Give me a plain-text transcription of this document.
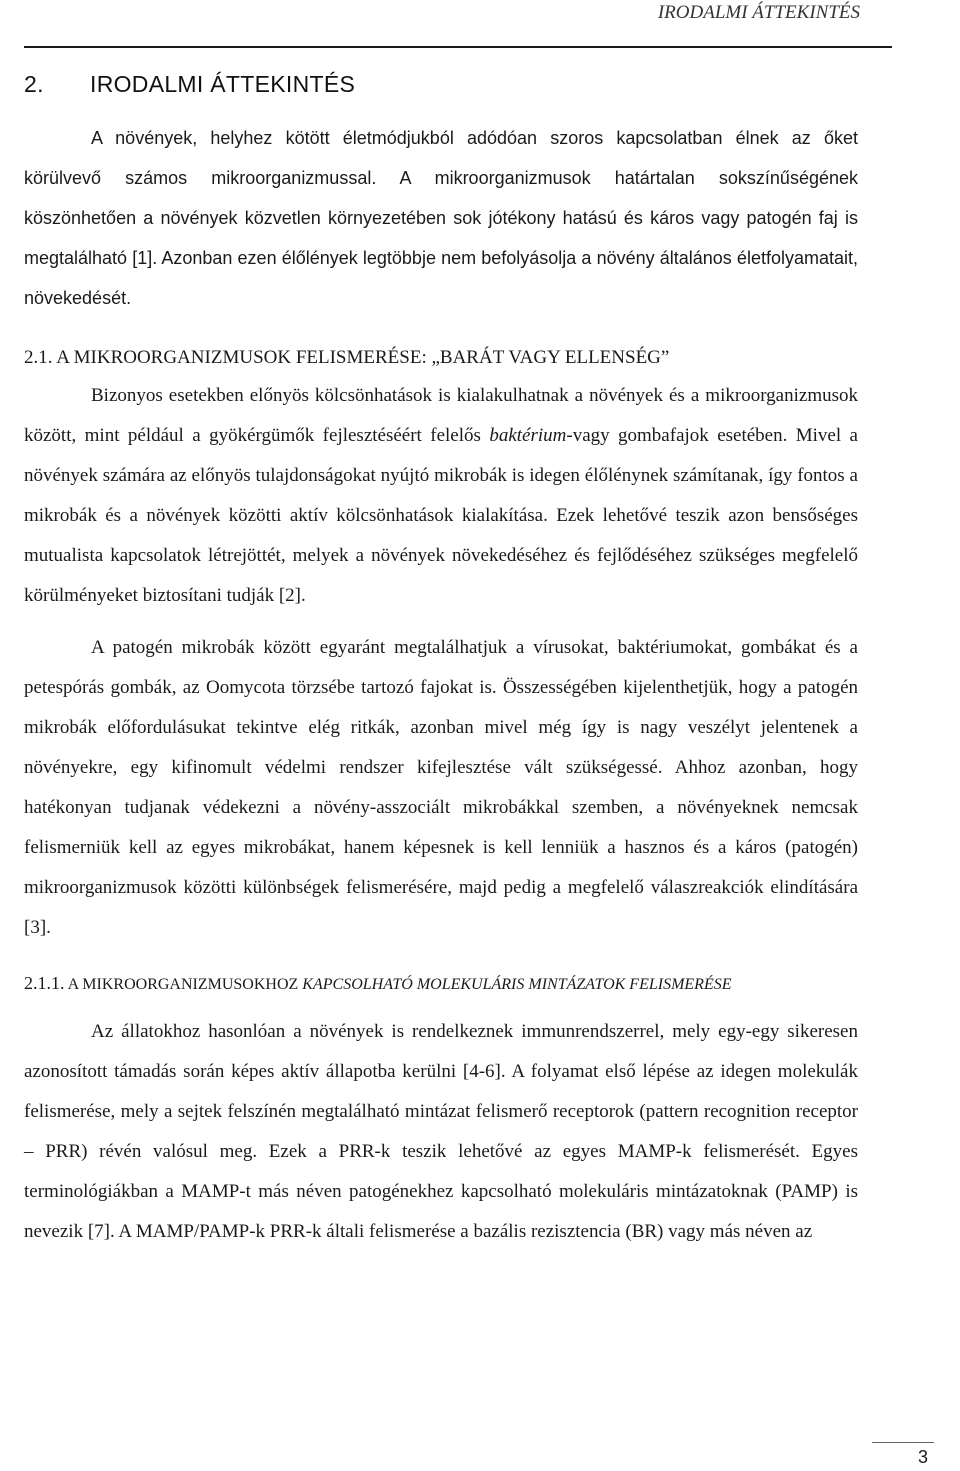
IRODALMI ÁTTEKINTÉS
2. IRODALMI ÁTTEKINTÉS

A növények, helyhez kötött életmódjukból adódóan szoros kapcsolatban élnek az őket körülvevő számos mikroorganizmussal. A mikroorganizmusok határtalan sokszínűségének köszönhetően a növények közvetlen környezetében sok jótékony hatású és káros vagy patogén faj is megtalálható [1]. Azonban ezen élőlények legtöbbje nem befolyásolja a növény általános életfolyamatait, növekedését.

2.1. A MIKROORGANIZMUSOK FELISMERÉSE: „BARÁT VAGY ELLENSÉG”

Bizonyos esetekben előnyös kölcsönhatások is kialakulhatnak a növények és a mikroorganizmusok között, mint például a gyökérgümők fejlesztéséért felelős baktérium-vagy gombafajok esetében. Mivel a növények számára az előnyös tulajdonságokat nyújtó mikrobák is idegen élőlénynek számítanak, így fontos a mikrobák és a növények közötti aktív kölcsönhatások kialakítása. Ezek lehetővé teszik azon bensőséges mutualista kapcsolatok létrejöttét, melyek a növények növekedéséhez és fejlődéséhez szükséges megfelelő körülményeket biztosítani tudják [2].

A patogén mikrobák között egyaránt megtalálhatjuk a vírusokat, baktériumokat, gombákat és a petespórás gombák, az Oomycota törzsébe tartozó fajokat is. Összességében kijelenthetjük, hogy a patogén mikrobák előfordulásukat tekintve elég ritkák, azonban mivel még így is nagy veszélyt jelentenek a növényekre, egy kifinomult védelmi rendszer kifejlesztése vált szükségessé. Ahhoz azonban, hogy hatékonyan tudjanak védekezni a növény-asszociált mikrobákkal szemben, a növényeknek nemcsak felismerniük kell az egyes mikrobákat, hanem képesnek is kell lenniük a hasznos és a káros (patogén) mikroorganizmusok közötti különbségek felismerésére, majd pedig a megfelelő válaszreakciók elindítására [3].

2.1.1. A MIKROORGANIZMUSOKHOZ KAPCSOLHATÓ MOLEKULÁRIS MINTÁZATOK FELISMERÉSE

Az állatokhoz hasonlóan a növények is rendelkeznek immunrendszerrel, mely egy-egy sikeresen azonosított támadás során képes aktív állapotba kerülni [4-6]. A folyamat első lépése az idegen molekulák felismerése, mely a sejtek felszínén megtalálható mintázat felismerő receptorok (pattern recognition receptor – PRR) révén valósul meg. Ezek a PRR-k teszik lehetővé az egyes MAMP-k felismerését. Egyes terminológiákban a MAMP-t más néven patogénekhez kapcsolható molekuláris mintázatoknak (PAMP) is nevezik [7]. A MAMP/PAMP-k PRR-k általi felismerése a bazális rezisztencia (BR) vagy más néven az

3
